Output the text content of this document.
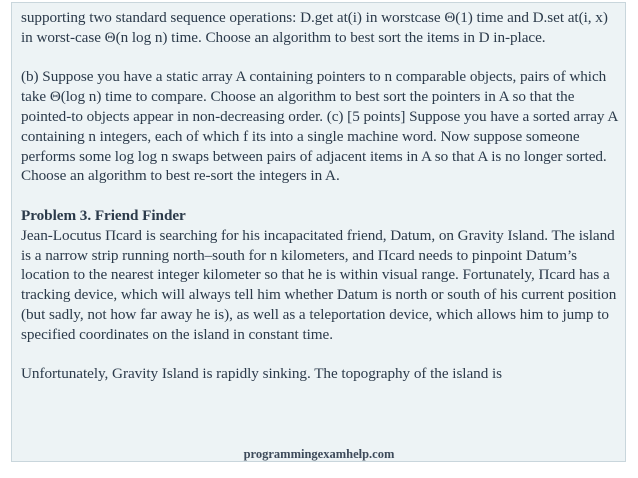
supporting two standard sequence operations: D.get at(i) in worstcase Θ(1) time and D.set at(i, x) in worst-case Θ(n log n) time. Choose an algorithm to best sort the items in D in-place.

(b) Suppose you have a static array A containing pointers to n comparable objects, pairs of which take Θ(log n) time to compare. Choose an algorithm to best sort the pointers in A so that the pointed-to objects appear in non-decreasing order. (c) [5 points] Suppose you have a sorted array A containing n integers, each of which f its into a single machine word. Now suppose someone performs some log log n swaps between pairs of adjacent items in A so that A is no longer sorted. Choose an algorithm to best re-sort the integers in A.

Problem 3. Friend Finder

Jean-Locutus Πcard is searching for his incapacitated friend, Datum, on Gravity Island. The island is a narrow strip running north–south for n kilometers, and Πcard needs to pinpoint Datum’s location to the nearest integer kilometer so that he is within visual range. Fortunately, Πcard has a tracking device, which will always tell him whether Datum is north or south of his current position (but sadly, not how far away he is), as well as a teleportation device, which allows him to jump to specified coordinates on the island in constant time.

Unfortunately, Gravity Island is rapidly sinking. The topography of the island is

programmingexamhelp.com
